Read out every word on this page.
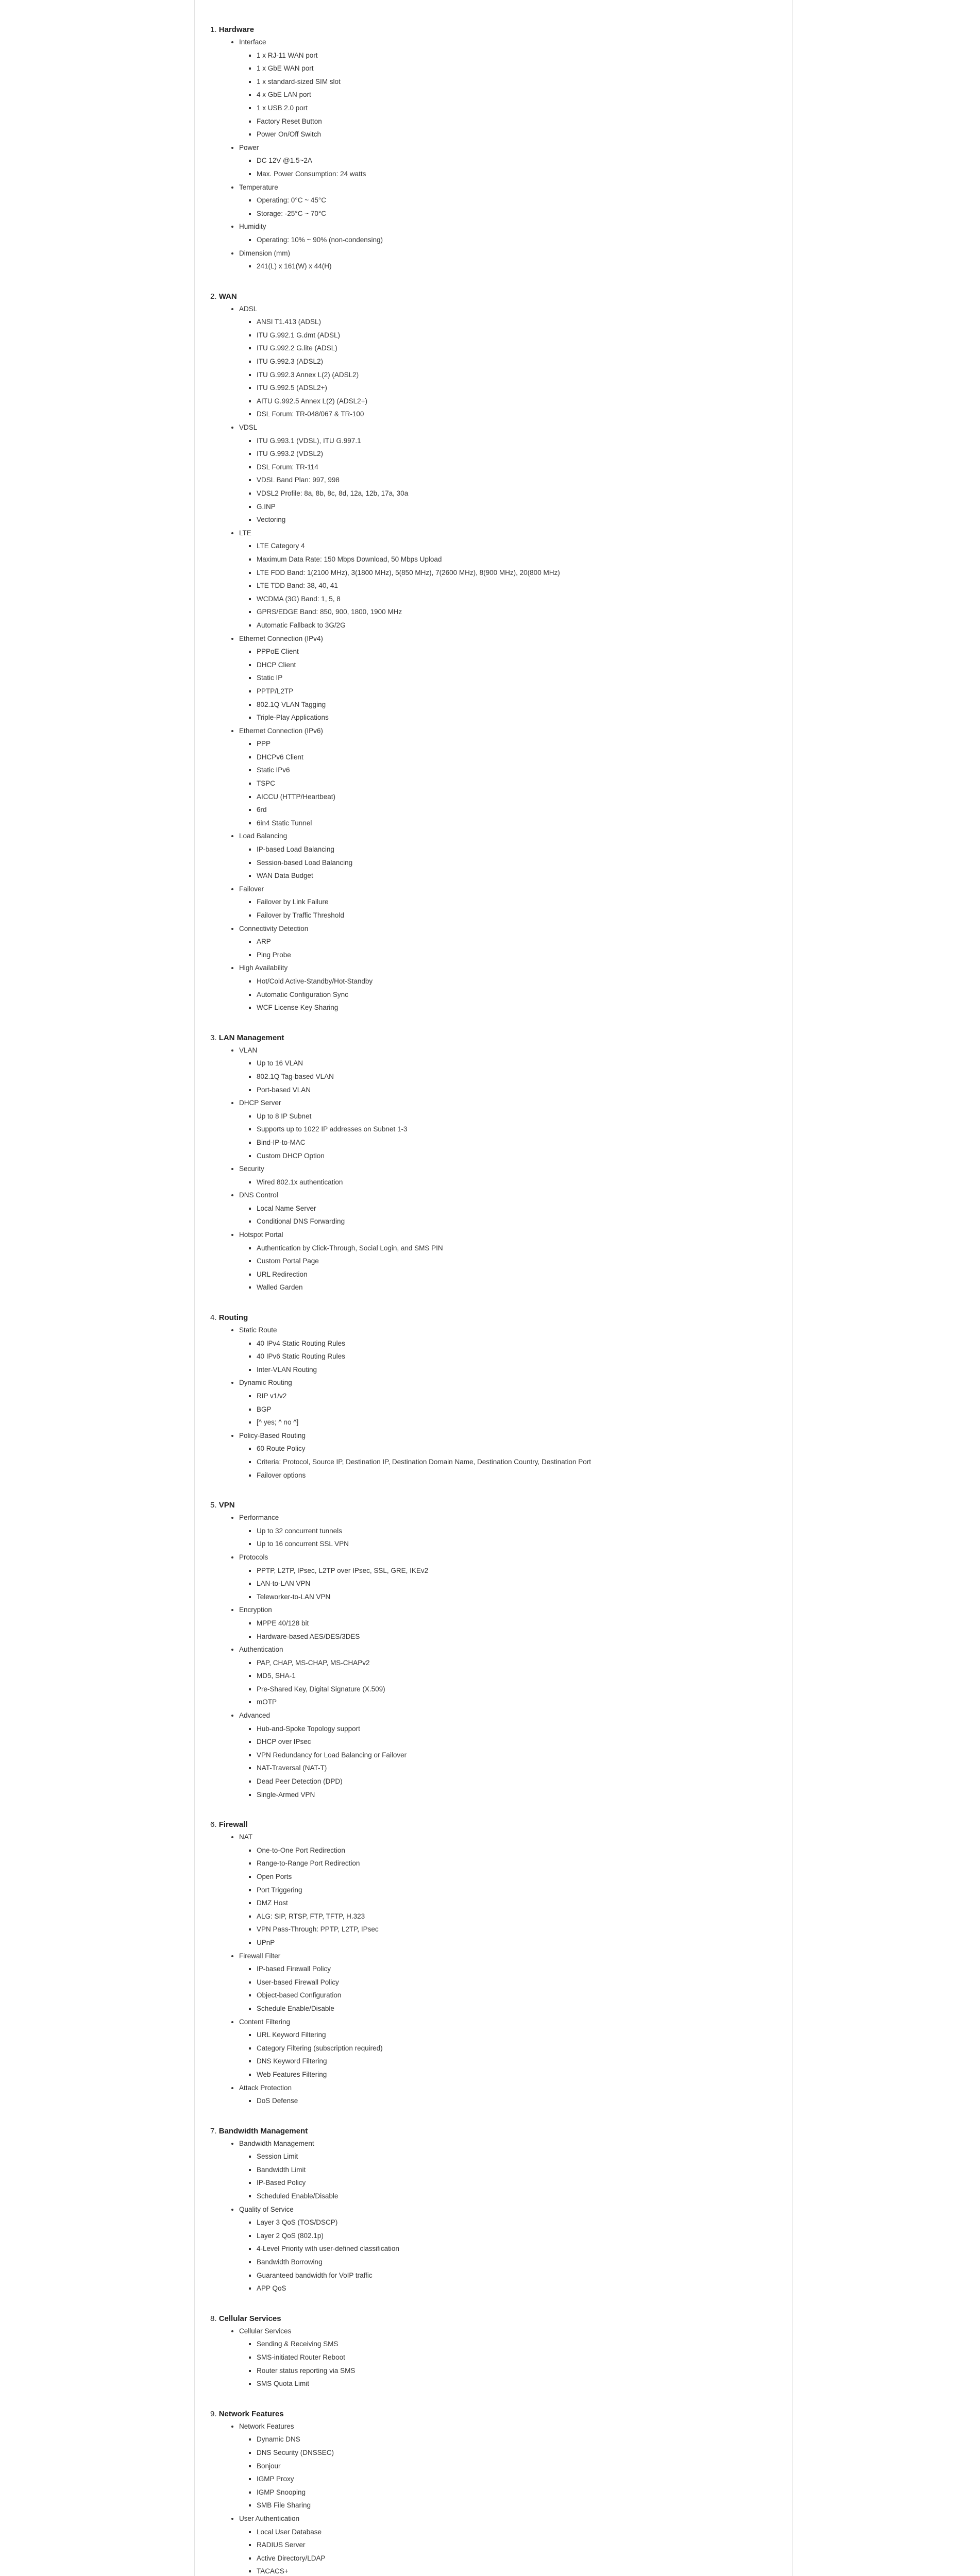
1. Hardware
• Interface
▪ 1 x RJ-11 WAN port
▪ 1 x GbE WAN port
▪ 1 x standard-sized SIM slot
▪ 4 x GbE LAN port
▪ 1 x USB 2.0 port
▪ Factory Reset Button
▪ Power On/Off Switch
• Power
▪ DC 12V @1.5~2A
▪ Max. Power Consumption: 24 watts
• Temperature
▪ Operating: 0°C ~ 45°C
▪ Storage: -25°C ~ 70°C
• Humidity
▪ Operating: 10% ~ 90% (non-condensing)
• Dimension (mm)
▪ 241(L) x 161(W) x 44(H)
2. WAN
• ADSL
▪ ANSI T1.413 (ADSL)
▪ ITU G.992.1 G.dmt (ADSL)
▪ ITU G.992.2 G.lite (ADSL)
▪ ITU G.992.3 (ADSL2)
▪ ITU G.992.3 Annex L(2) (ADSL2)
▪ ITU G.992.5 (ADSL2+)
▪ AITU G.992.5 Annex L(2) (ADSL2+)
▪ DSL Forum: TR-048/067 & TR-100
• VDSL
▪ ITU G.993.1 (VDSL), ITU G.997.1
▪ ITU G.993.2 (VDSL2)
▪ DSL Forum: TR-114
▪ VDSL Band Plan: 997, 998
▪ VDSL2 Profile: 8a, 8b, 8c, 8d, 12a, 12b, 17a, 30a
▪ G.INP
▪ Vectoring
• LTE
▪ LTE Category 4
▪ Maximum Data Rate: 150 Mbps Download, 50 Mbps Upload
▪ LTE FDD Band: 1(2100 MHz), 3(1800 MHz), 5(850 MHz), 7(2600 MHz), 8(900 MHz), 20(800 MHz)
▪ LTE TDD Band: 38, 40, 41
▪ WCDMA (3G) Band: 1, 5, 8
▪ GPRS/EDGE Band: 850, 900, 1800, 1900 MHz
▪ Automatic Fallback to 3G/2G
• Ethernet Connection (IPv4)
▪ PPPoE Client
▪ DHCP Client
▪ Static IP
▪ PPTP/L2TP
▪ 802.1Q VLAN Tagging
▪ Triple-Play Applications
• Ethernet Connection (IPv6)
▪ PPP
▪ DHCPv6 Client
▪ Static IPv6
▪ TSPC
▪ AICCU (HTTP/Heartbeat)
▪ 6rd
▪ 6in4 Static Tunnel
• Load Balancing
▪ IP-based Load Balancing
▪ Session-based Load Balancing
▪ WAN Data Budget
• Failover
▪ Failover by Link Failure
▪ Failover by Traffic Threshold
• Connectivity Detection
▪ ARP
▪ Ping Probe
• High Availability
▪ Hot/Cold Active-Standby/Hot-Standby
▪ Automatic Configuration Sync
▪ WCF License Key Sharing
3. LAN Management
• VLAN
▪ Up to 16 VLAN
▪ 802.1Q Tag-based VLAN
▪ Port-based VLAN
• DHCP Server
▪ Up to 8 IP Subnet
▪ Supports up to 1022 IP addresses on Subnet 1-3
▪ Bind-IP-to-MAC
▪ Custom DHCP Option
• Security
▪ Wired 802.1x authentication
• DNS Control
▪ Local Name Server
▪ Conditional DNS Forwarding
• Hotspot Portal
▪ Authentication by Click-Through, Social Login, and SMS PIN
▪ Custom Portal Page
▪ URL Redirection
▪ Walled Garden
4. Routing
• Static Route
▪ 40 IPv4 Static Routing Rules
▪ 40 IPv6 Static Routing Rules
▪ Inter-VLAN Routing
• Dynamic Routing
▪ RIP v1/v2
▪ BGP
▪ [^ yes; ^ no ^]
• Policy-Based Routing
▪ 60 Route Policy
▪ Criteria: Protocol, Source IP, Destination IP, Destination Domain Name, Destination Country, Destination Port
▪ Failover options
5. VPN
• Performance
▪ Up to 32 concurrent tunnels
▪ Up to 16 concurrent SSL VPN
• Protocols
▪ PPTP, L2TP, IPsec, L2TP over IPsec, SSL, GRE, IKEv2
▪ LAN-to-LAN VPN
▪ Teleworker-to-LAN VPN
• Encryption
▪ MPPE 40/128 bit
▪ Hardware-based AES/DES/3DES
• Authentication
▪ PAP, CHAP, MS-CHAP, MS-CHAPv2
▪ MD5, SHA-1
▪ Pre-Shared Key, Digital Signature (X.509)
▪ mOTP
• Advanced
▪ Hub-and-Spoke Topology support
▪ DHCP over IPsec
▪ VPN Redundancy for Load Balancing or Failover
▪ NAT-Traversal (NAT-T)
▪ Dead Peer Detection (DPD)
▪ Single-Armed VPN
6. Firewall
• NAT
▪ One-to-One Port Redirection
▪ Range-to-Range Port Redirection
▪ Open Ports
▪ Port Triggering
▪ DMZ Host
▪ ALG: SIP, RTSP, FTP, TFTP, H.323
▪ VPN Pass-Through: PPTP, L2TP, IPsec
▪ UPnP
• Firewall Filter
▪ IP-based Firewall Policy
▪ User-based Firewall Policy
▪ Object-based Configuration
▪ Schedule Enable/Disable
• Content Filtering
▪ URL Keyword Filtering
▪ Category Filtering (subscription required)
▪ DNS Keyword Filtering
▪ Web Features Filtering
• Attack Protection
▪ DoS Defense
7. Bandwidth Management
• Bandwidth Management
▪ Session Limit
▪ Bandwidth Limit
▪ IP-Based Policy
▪ Scheduled Enable/Disable
• Quality of Service
▪ Layer 3 QoS (TOS/DSCP)
▪ Layer 2 QoS (802.1p)
▪ 4-Level Priority with user-defined classification
▪ Bandwidth Borrowing
▪ Guaranteed bandwidth for VoIP traffic
▪ APP QoS
8. Cellular Services
• Cellular Services
▪ Sending & Receiving SMS
▪ SMS-initiated Router Reboot
▪ Router status reporting via SMS
▪ SMS Quota Limit
9. Network Features
• Network Features
▪ Dynamic DNS
▪ DNS Security (DNSSEC)
▪ Bonjour
▪ IGMP Proxy
▪ IGMP Snooping
▪ SMB File Sharing
• User Authentication
▪ Local User Database
▪ RADIUS Server
▪ Active Directory/LDAP
▪ TACACS+
